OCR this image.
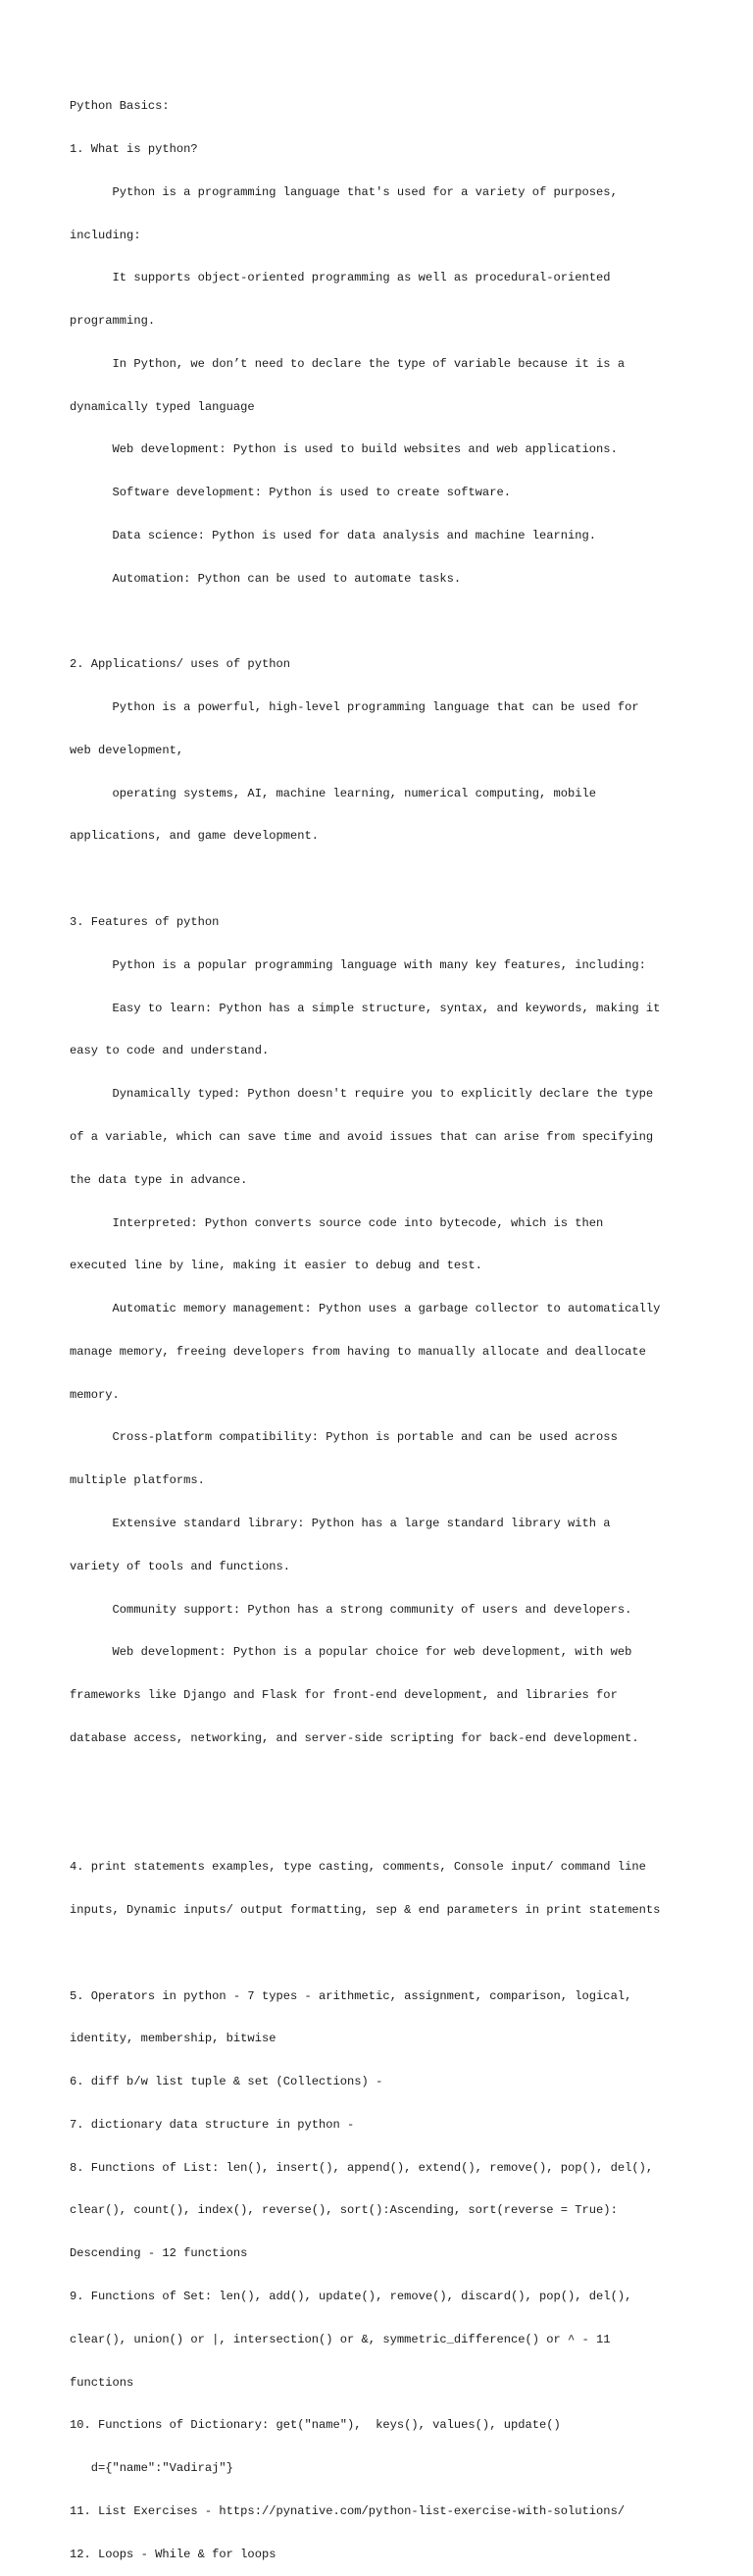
Python Basics:

1. What is python?

Python is a programming language that's used for a variety of purposes,

including:

It supports object-oriented programming as well as procedural-oriented

programming.

In Python, we don’t need to declare the type of variable because it is a

dynamically typed language

Web development: Python is used to build websites and web applications.

Software development: Python is used to create software.

Data science: Python is used for data analysis and machine learning.

Automation: Python can be used to automate tasks.

2. Applications/ uses of python

Python is a powerful, high-level programming language that can be used for

web development,

operating systems, AI, machine learning, numerical computing, mobile

applications, and game development.

3. Features of python

Python is a popular programming language with many key features, including:

Easy to learn: Python has a simple structure, syntax, and keywords, making it

easy to code and understand.

Dynamically typed: Python doesn't require you to explicitly declare the type

of a variable, which can save time and avoid issues that can arise from specifying

the data type in advance.

Interpreted: Python converts source code into bytecode, which is then

executed line by line, making it easier to debug and test.

Automatic memory management: Python uses a garbage collector to automatically

manage memory, freeing developers from having to manually allocate and deallocate

memory.

Cross-platform compatibility: Python is portable and can be used across

multiple platforms.

Extensive standard library: Python has a large standard library with a

variety of tools and functions.

Community support: Python has a strong community of users and developers.

Web development: Python is a popular choice for web development, with web

frameworks like Django and Flask for front-end development, and libraries for

database access, networking, and server-side scripting for back-end development.

4. print statements examples, type casting, comments, Console input/ command line

inputs, Dynamic inputs/ output formatting, sep & end parameters in print statements

5. Operators in python - 7 types - arithmetic, assignment, comparison, logical,

identity, membership, bitwise

6. diff b/w list tuple & set (Collections) -

7. dictionary data structure in python -

8. Functions of List: len(), insert(), append(), extend(), remove(), pop(), del(),

clear(), count(), index(), reverse(), sort():Ascending, sort(reverse = True):

Descending - 12 functions

9. Functions of Set: len(), add(), update(), remove(), discard(), pop(), del(),

clear(), union() or |, intersection() or &, symmetric_difference() or ^ - 11

functions

10. Functions of Dictionary: get("name"),  keys(), values(), update()

d={"name":"Vadiraj"}

11. List Exercises - https://pynative.com/python-list-exercise-with-solutions/

12. Loops - While & for loops
